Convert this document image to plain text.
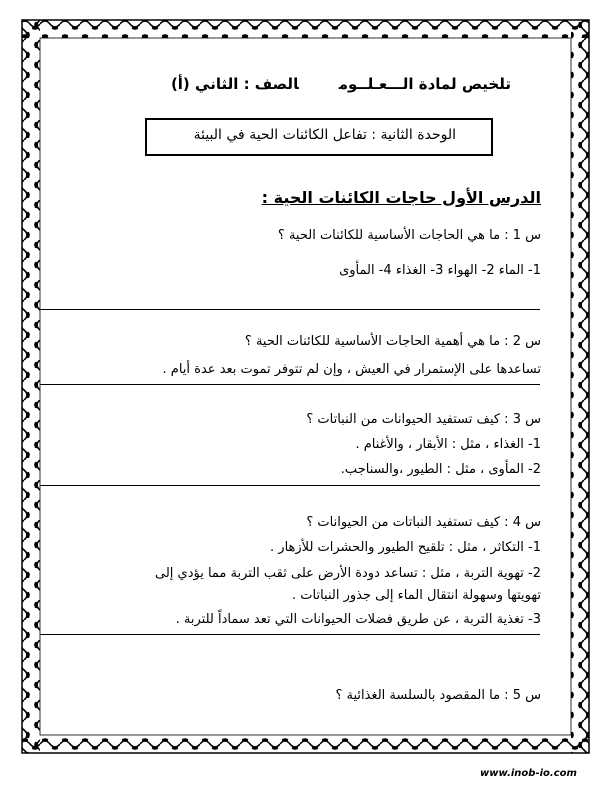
تلخيص لمادة الـــعـلــومالصف : الثاني (أ)
الوحدة الثانية : تفاعل الكائنات الحية في البيئة
الدرس الأول حاجات الكائنات الحية :
س 1 : ما هي الحاجات الأساسية للكائنات الحية ؟
1- الماء 2- الهواء 3- الغذاء 4- المأوى
س 2 : ما هي أهمية الحاجات الأساسية للكائنات الحية ؟
تساعدها على الإستمرار في العيش ، وإن لم تتوفر تموت بعد عدة أيام .
س 3 : كيف تستفيد الحيوانات من النباتات ؟
1- الغذاء ، مثل : الأبقار ، والأغنام .
2- المأوى ، مثل : الطيور ،والسناجب.
س 4 : كيف تستفيد النباتات من الحيوانات ؟
1- التكاثر ، مثل : تلقيح الطيور والحشرات للأزهار .
2- تهوية التربة ، مثل : تساعد دودة الأرض على ثقب التربة مما يؤدي إلى
تهويتها وسهولة انتقال الماء إلى جذور النباتات .
3- تغذية التربة ، عن طريق فضلات الحيوانات التي تعد سماداً للتربة .
س 5 : ما المقصود بالسلسة الغذائية ؟
www.inob-io.com
